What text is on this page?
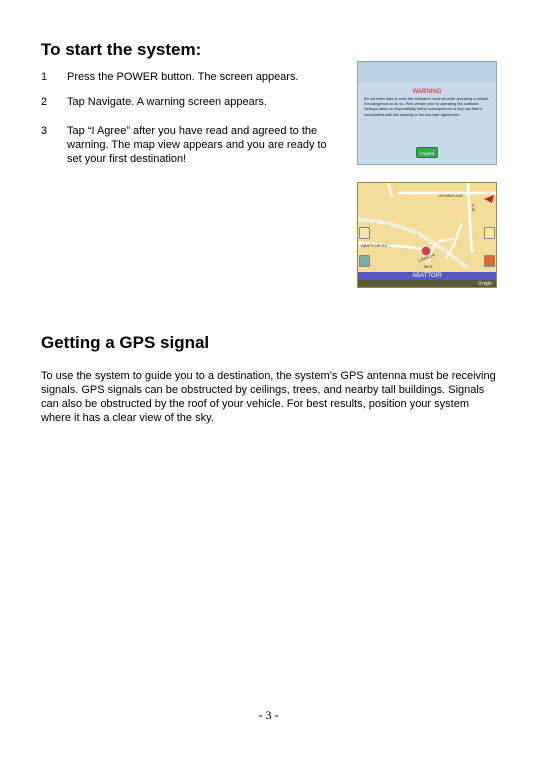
To start the system:
1 Press the POWER button. The screen appears.
2 Tap Navigate. A warning screen appears.
3 Tap “I Agree” after you have read and agreed to the warning. The map view appears and you are ready to set your first destination!
WARNING
Do not enter data or work the software's controls while operating a vehicle. It is dangerous to do so. Park vehicle prior to operating this software. Netropa takes no responsibility forthe consequences of any use that is inconsistent with this warning or the end user agreement.
I Agree
LEHNER AVE
LI B
ABATTOIR RD
LAWSON
500 ft
ABATTOIR
0 mph
Getting a GPS signal
To use the system to guide you to a destination, the system’s GPS antenna must be receiving signals. GPS signals can be obstructed by ceilings, trees, and nearby tall buildings. Signals can also be obstructed by the roof of your vehicle. For best results, position your system where it has a clear view of the sky.
- 3 -
